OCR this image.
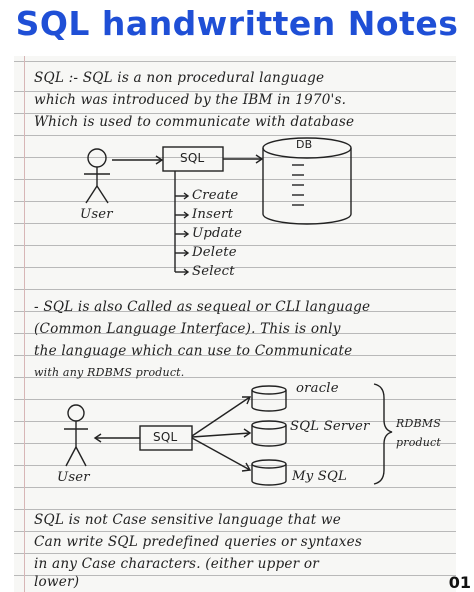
SQL handwritten Notes
SQL :- SQL is a non procedural language
which was introduced by the IBM in 1970's.
Which is used to communicate with database
User
SQL
DB
Create
Insert
Update
Delete
Select
- SQL is also Called as sequeal or CLI language
(Common Language Interface). This is only
the language which can use to Communicate
with any RDBMS product.
User
SQL
oracle
SQL Server
My SQL
RDBMS
product
SQL is not Case sensitive language that we
Can write SQL predefined queries or syntaxes
in any Case characters. (either upper or
lower)	01
